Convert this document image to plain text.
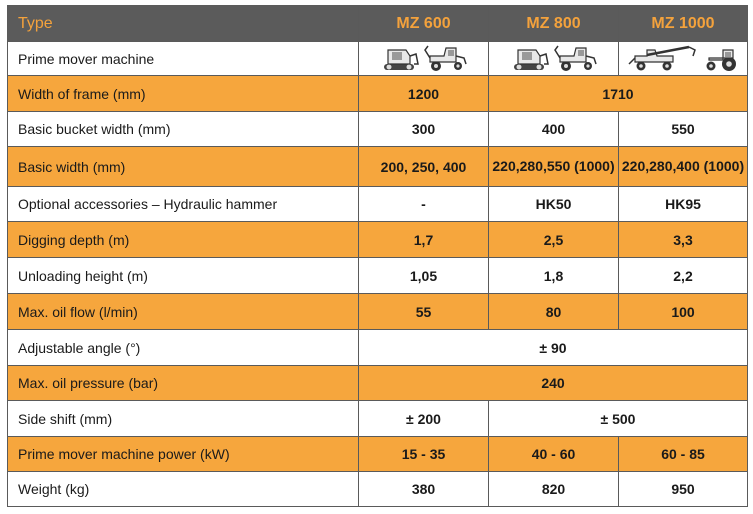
Type	MZ 600	MZ 800	MZ 1000
Prime mover machine	

Width of frame (mm)	1200	1710	
Basic bucket width (mm)	300	400	550
Basic width (mm)	200, 250, 400	220,280,550 (1000)	220,280,400 (1000)
Optional accessories – Hydraulic hammer	-	HK50	HK95
Digging depth (m)	1,7	2,5	3,3
Unloading height (m)	1,05	1,8	2,2
Max. oil flow (l/min)	55	80	100
Adjustable angle (°)	± 90		
Max. oil pressure (bar)	240		
Side shift (mm)	± 200	± 500	
Prime mover machine power (kW)	15 - 35	40 - 60	60 - 85
Weight (kg)	380	820	950
